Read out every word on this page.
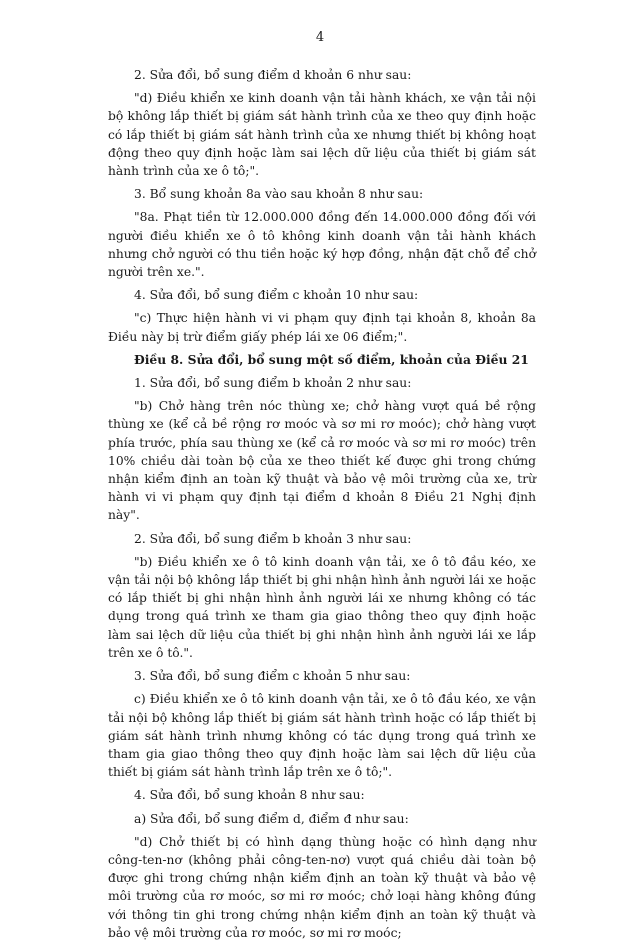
4

2. Sửa đổi, bổ sung điểm d khoản 6 như sau:

"d) Điều khiển xe kinh doanh vận tải hành khách, xe vận tải nội bộ không lắp thiết bị giám sát hành trình của xe theo quy định hoặc có lắp thiết bị giám sát hành trình của xe nhưng thiết bị không hoạt động theo quy định hoặc làm sai lệch dữ liệu của thiết bị giám sát hành trình của xe ô tô;".

3. Bổ sung khoản 8a vào sau khoản 8 như sau:

"8a. Phạt tiền từ 12.000.000 đồng đến 14.000.000 đồng đối với người điều khiển xe ô tô không kinh doanh vận tải hành khách nhưng chở người có thu tiền hoặc ký hợp đồng, nhận đặt chỗ để chở người trên xe.".

4. Sửa đổi, bổ sung điểm c khoản 10 như sau:

"c) Thực hiện hành vi vi phạm quy định tại khoản 8, khoản 8a Điều này bị trừ điểm giấy phép lái xe 06 điểm;".

Điều 8. Sửa đổi, bổ sung một số điểm, khoản của Điều 21

1. Sửa đổi, bổ sung điểm b khoản 2 như sau:

"b) Chở hàng trên nóc thùng xe; chở hàng vượt quá bề rộng thùng xe (kể cả bề rộng rơ moóc và sơ mi rơ moóc); chở hàng vượt phía trước, phía sau thùng xe (kể cả rơ moóc và sơ mi rơ moóc) trên 10% chiều dài toàn bộ của xe theo thiết kế được ghi trong chứng nhận kiểm định an toàn kỹ thuật và bảo vệ môi trường của xe, trừ hành vi vi phạm quy định tại điểm d khoản 8 Điều 21 Nghị định này".

2. Sửa đổi, bổ sung điểm b khoản 3 như sau:

"b) Điều khiển xe ô tô kinh doanh vận tải, xe ô tô đầu kéo, xe vận tải nội bộ không lắp thiết bị ghi nhận hình ảnh người lái xe hoặc có lắp thiết bị ghi nhận hình ảnh người lái xe nhưng không có tác dụng trong quá trình xe tham gia giao thông theo quy định hoặc làm sai lệch dữ liệu của thiết bị ghi nhận hình ảnh người lái xe lắp trên xe ô tô.".

3. Sửa đổi, bổ sung điểm c khoản 5 như sau:

c) Điều khiển xe ô tô kinh doanh vận tải, xe ô tô đầu kéo, xe vận tải nội bộ không lắp thiết bị giám sát hành trình hoặc có lắp thiết bị giám sát hành trình nhưng không có tác dụng trong quá trình xe tham gia giao thông theo quy định hoặc làm sai lệch dữ liệu của thiết bị giám sát hành trình lắp trên xe ô tô;".

4. Sửa đổi, bổ sung khoản 8 như sau:

a) Sửa đổi, bổ sung điểm d, điểm đ như sau:

"d) Chở thiết bị có hình dạng thùng hoặc có hình dạng như công-ten-nơ (không phải công-ten-nơ) vượt quá chiều dài toàn bộ được ghi trong chứng nhận kiểm định an toàn kỹ thuật và bảo vệ môi trường của rơ moóc, sơ mi rơ moóc; chở loại hàng không đúng với thông tin ghi trong chứng nhận kiểm định an toàn kỹ thuật và bảo vệ môi trường của rơ moóc, sơ mi rơ moóc;
